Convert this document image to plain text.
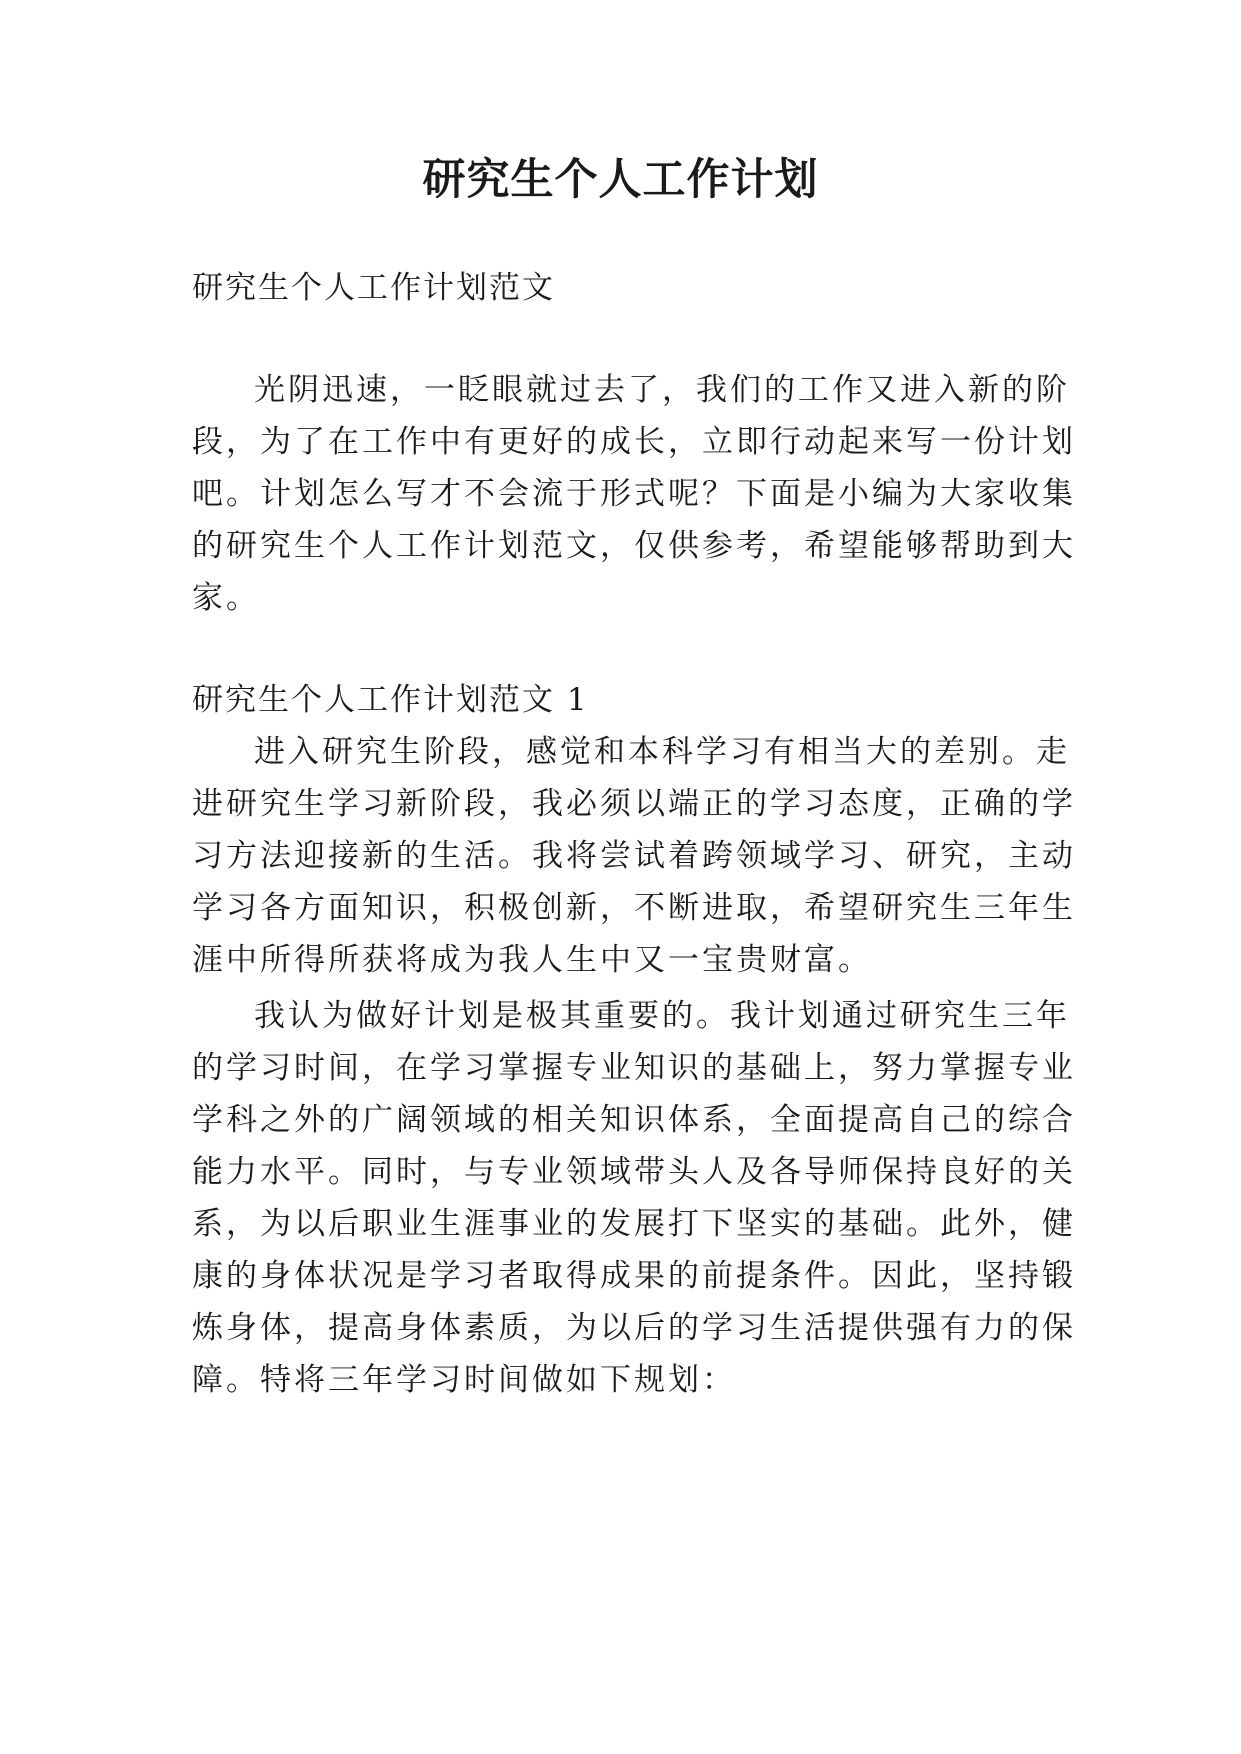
研究生个人工作计划
研究生个人工作计划范文
光阴迅速，一眨眼就过去了，我们的工作又进入新的阶
段，为了在工作中有更好的成长，立即行动起来写一份计划
吧。计划怎么写才不会流于形式呢？下面是小编为大家收集
的研究生个人工作计划范文，仅供参考，希望能够帮助到大
家。
研究生个人工作计划范文 1
进入研究生阶段，感觉和本科学习有相当大的差别。走
进研究生学习新阶段，我必须以端正的学习态度，正确的学
习方法迎接新的生活。我将尝试着跨领域学习、研究，主动
学习各方面知识，积极创新，不断进取，希望研究生三年生
涯中所得所获将成为我人生中又一宝贵财富。
我认为做好计划是极其重要的。我计划通过研究生三年
的学习时间，在学习掌握专业知识的基础上，努力掌握专业
学科之外的广阔领域的相关知识体系，全面提高自己的综合
能力水平。同时，与专业领域带头人及各导师保持良好的关
系，为以后职业生涯事业的发展打下坚实的基础。此外，健
康的身体状况是学习者取得成果的前提条件。因此，坚持锻
炼身体，提高身体素质，为以后的学习生活提供强有力的保
障。特将三年学习时间做如下规划：
